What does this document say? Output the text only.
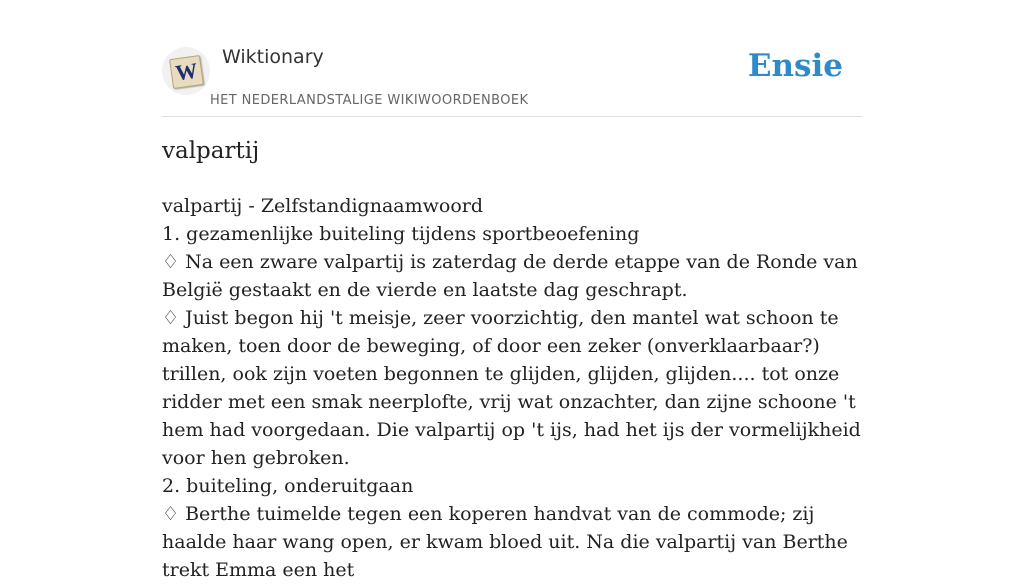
W
Wiktionary
HET NEDERLANDSTALIGE WIKIWOORDENBOEK
Ensie
valpartij

valpartij - Zelfstandignaamwoord

1. gezamenlijke buiteling tijdens sportbeoefening

♢ Na een zware valpartij is zaterdag de derde etappe van de Ronde van België gestaakt en de vierde en laatste dag geschrapt.

♢ Juist begon hij 't meisje, zeer voorzichtig, den mantel wat schoon te maken, toen door de beweging, of door een zeker (onverklaarbaar?) trillen, ook zijn voeten begonnen te glijden, glijden, glijden.... tot onze ridder met een smak neerplofte, vrij wat onzachter, dan zijne schoone 't hem had voorgedaan. Die valpartij op 't ijs, had het ijs der vormelijkheid voor hen gebroken.

2. buiteling, onderuitgaan

♢ Berthe tuimelde tegen een koperen handvat van de commode; zij haalde haar wang open, er kwam bloed uit. Na die valpartij van Berthe trekt Emma een het
